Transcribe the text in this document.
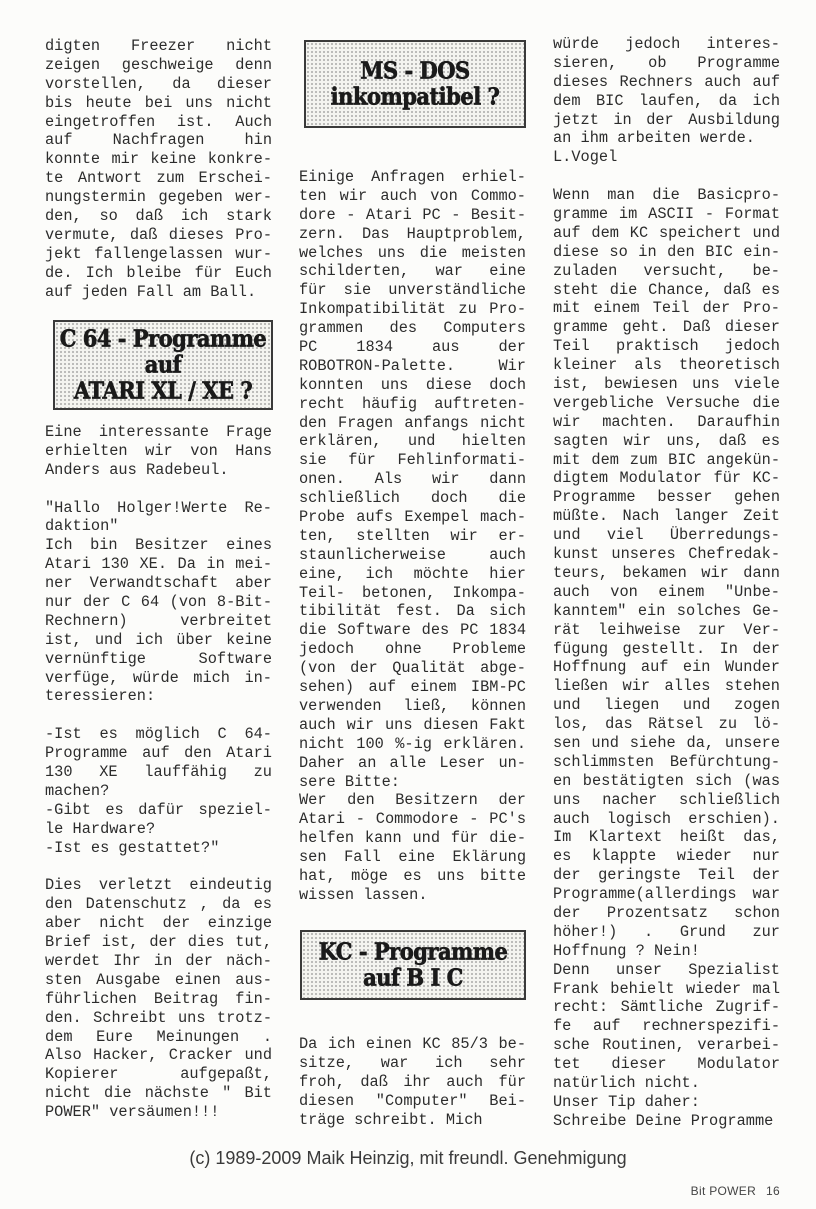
digten Freezer nicht
zeigen geschweige denn
vorstellen, da dieser
bis heute bei uns nicht
eingetroffen ist. Auch
auf Nachfragen hin
konnte mir keine konkre-
te Antwort zum Erschei-
nungstermin gegeben wer-
den, so daß ich stark
vermute, daß dieses Pro-
jekt fallengelassen wur-
de. Ich bleibe für Euch
auf jeden Fall am Ball.
C 64 - Programme
auf
ATARI XL / XE ?
Eine interessante Frage
erhielten wir von Hans
Anders aus Radebeul.
"Hallo Holger!Werte Re-
daktion"
Ich bin Besitzer eines
Atari 130 XE. Da in mei-
ner Verwandtschaft aber
nur der C 64 (von 8-Bit-
Rechnern) verbreitet
ist, und ich über keine
vernünftige Software
verfüge, würde mich in-
teressieren:
-Ist es möglich C 64-
Programme auf den Atari
130 XE lauffähig zu
machen?
-Gibt es dafür speziel-
le Hardware?
-Ist es gestattet?"
Dies verletzt eindeutig
den Datenschutz , da es
aber nicht der einzige
Brief ist, der dies tut,
werdet Ihr in der näch-
sten Ausgabe einen aus-
führlichen Beitrag fin-
den. Schreibt uns trotz-
dem Eure Meinungen .
Also Hacker, Cracker und
Kopierer aufgepaßt,
nicht die nächste " Bit
POWER" versäumen!!!
MS - DOS
inkompatibel ?
Einige Anfragen erhiel-
ten wir auch von Commo-
dore - Atari PC - Besit-
zern. Das Hauptproblem,
welches uns die meisten
schilderten, war eine
für sie unverständliche
Inkompatibilität zu Pro-
grammen des Computers
PC 1834 aus der
ROBOTRON-Palette. Wir
konnten uns diese doch
recht häufig auftreten-
den Fragen anfangs nicht
erklären, und hielten
sie für Fehlinformati-
onen. Als wir dann
schließlich doch die
Probe aufs Exempel mach-
ten, stellten wir er-
staunlicherweise auch
eine, ich möchte hier
Teil- betonen, Inkompa-
tibilität fest. Da sich
die Software des PC 1834
jedoch ohne Probleme
(von der Qualität abge-
sehen) auf einem IBM-PC
verwenden ließ, können
auch wir uns diesen Fakt
nicht 100 %-ig erklären.
Daher an alle Leser un-
sere Bitte:
Wer den Besitzern der
Atari - Commodore - PC's
helfen kann und für die-
sen Fall eine Eklärung
hat, möge es uns bitte
wissen lassen.
KC - Programme
auf B I C
Da ich einen KC 85/3 be-
sitze, war ich sehr
froh, daß ihr auch für
diesen "Computer" Bei-
träge schreibt. Mich
würde jedoch interes-
sieren, ob Programme
dieses Rechners auch auf
dem BIC laufen, da ich
jetzt in der Ausbildung
an ihm arbeiten werde.
L.Vogel
Wenn man die Basicpro-
gramme im ASCII - Format
auf dem KC speichert und
diese so in den BIC ein-
zuladen versucht, be-
steht die Chance, daß es
mit einem Teil der Pro-
gramme geht. Daß dieser
Teil praktisch jedoch
kleiner als theoretisch
ist, bewiesen uns viele
vergebliche Versuche die
wir machten. Daraufhin
sagten wir uns, daß es
mit dem zum BIC angekün-
digtem Modulator für KC-
Programme besser gehen
müßte. Nach langer Zeit
und viel Überredungs-
kunst unseres Chefredak-
teurs, bekamen wir dann
auch von einem "Unbe-
kanntem" ein solches Ge-
rät leihweise zur Ver-
fügung gestellt. In der
Hoffnung auf ein Wunder
ließen wir alles stehen
und liegen und zogen
los, das Rätsel zu lö-
sen und siehe da, unsere
schlimmsten Befürchtung-
en bestätigten sich (was
uns nacher schließlich
auch logisch erschien).
Im Klartext heißt das,
es klappte wieder nur
der geringste Teil der
Programme(allerdings war
der Prozentsatz schon
höher!) . Grund zur
Hoffnung ? Nein!
Denn unser Spezialist
Frank behielt wieder mal
recht: Sämtliche Zugrif-
fe auf rechnerspezifi-
sche Routinen, verarbei-
tet dieser Modulator
natürlich nicht.
Unser Tip daher:
Schreibe Deine Programme
(c) 1989-2009 Maik Heinzig, mit freundl. Genehmigung
Bit POWER 16
